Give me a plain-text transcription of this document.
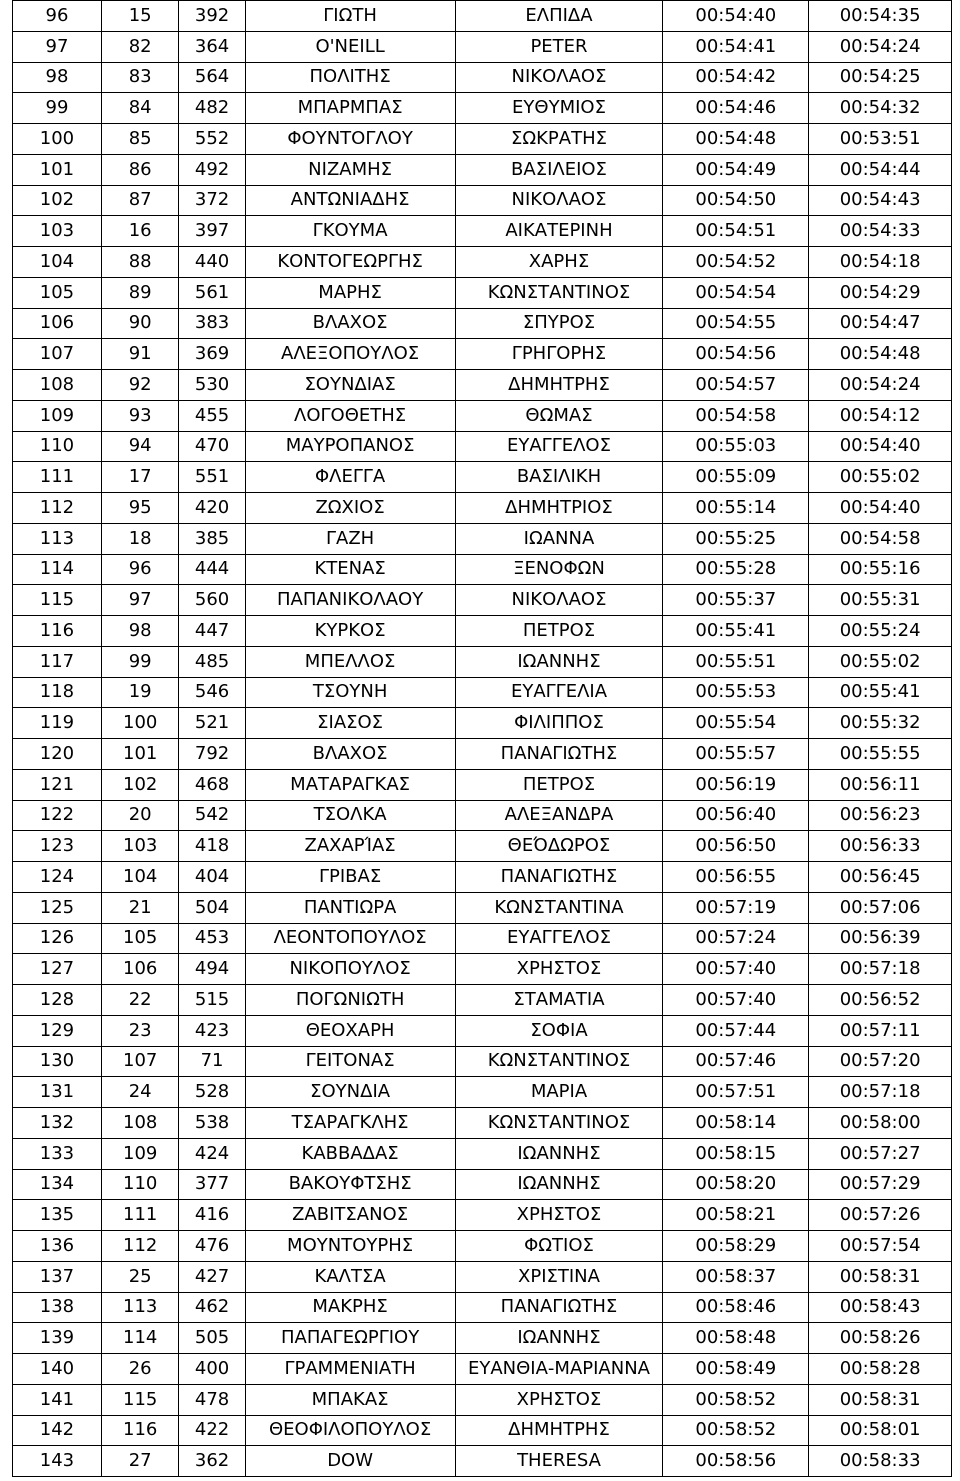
96	15	392	ΓΙΩΤΗ	ΕΛΠΙΔΑ	00:54:40	00:54:35
97	82	364	O'NEILL	PETER	00:54:41	00:54:24
98	83	564	ΠΟΛΙΤΗΣ	ΝΙΚΟΛΑΟΣ	00:54:42	00:54:25
99	84	482	ΜΠΑΡΜΠΑΣ	ΕΥΘΥΜΙΟΣ	00:54:46	00:54:32
100	85	552	ΦΟΥΝΤΟΓΛΟΥ	ΣΩΚΡΑΤΗΣ	00:54:48	00:53:51
101	86	492	ΝΙΖΑΜΗΣ	ΒΑΣΙΛΕΙΟΣ	00:54:49	00:54:44
102	87	372	ΑΝΤΩΝΙΑΔΗΣ	ΝΙΚΟΛΑΟΣ	00:54:50	00:54:43
103	16	397	ΓΚΟΥΜΑ	ΑΙΚΑΤΕΡΙΝΗ	00:54:51	00:54:33
104	88	440	ΚΟΝΤΟΓΕΩΡΓΗΣ	ΧΑΡΗΣ	00:54:52	00:54:18
105	89	561	ΜΑΡΗΣ	ΚΩΝΣΤΑΝΤΙΝΟΣ	00:54:54	00:54:29
106	90	383	ΒΛΑΧΟΣ	ΣΠΥΡΟΣ	00:54:55	00:54:47
107	91	369	ΑΛΕΞΟΠΟΥΛΟΣ	ΓΡΗΓΟΡΗΣ	00:54:56	00:54:48
108	92	530	ΣΟΥΝΔΙΑΣ	ΔΗΜΗΤΡΗΣ	00:54:57	00:54:24
109	93	455	ΛΟΓΟΘΕΤΗΣ	ΘΩΜΑΣ	00:54:58	00:54:12
110	94	470	ΜΑΥΡΟΠΑΝΟΣ	ΕΥΑΓΓΕΛΟΣ	00:55:03	00:54:40
111	17	551	ΦΛΕΓΓΑ	ΒΑΣΙΛΙΚΗ	00:55:09	00:55:02
112	95	420	ΖΩΧΙΟΣ	ΔΗΜΗΤΡΙΟΣ	00:55:14	00:54:40
113	18	385	ΓΑΖΗ	ΙΩΑΝΝΑ	00:55:25	00:54:58
114	96	444	ΚΤΕΝΑΣ	ΞΕΝΟΦΩΝ	00:55:28	00:55:16
115	97	560	ΠΑΠΑΝΙΚΟΛΑΟΥ	ΝΙΚΟΛΑΟΣ	00:55:37	00:55:31
116	98	447	ΚΥΡΚΟΣ	ΠΕΤΡΟΣ	00:55:41	00:55:24
117	99	485	ΜΠΕΛΛΟΣ	ΙΩΑΝΝΗΣ	00:55:51	00:55:02
118	19	546	ΤΣΟΥΝΗ	ΕΥΑΓΓΕΛΙΑ	00:55:53	00:55:41
119	100	521	ΣΙΑΣΟΣ	ΦΙΛΙΠΠΟΣ	00:55:54	00:55:32
120	101	792	ΒΛΑΧΟΣ	ΠΑΝΑΓΙΩΤΗΣ	00:55:57	00:55:55
121	102	468	ΜΑΤΑΡΑΓΚΑΣ	ΠΕΤΡΟΣ	00:56:19	00:56:11
122	20	542	ΤΣΟΛΚΑ	ΑΛΕΞΑΝΔΡΑ	00:56:40	00:56:23
123	103	418	ΖΑΧΑΡΊΑΣ	ΘΕΌΔΩΡΟΣ	00:56:50	00:56:33
124	104	404	ΓΡΙΒΑΣ	ΠΑΝΑΓΙΩΤΗΣ	00:56:55	00:56:45
125	21	504	ΠΑΝΤΙΩΡΑ	ΚΩΝΣΤΑΝΤΙΝΑ	00:57:19	00:57:06
126	105	453	ΛΕΟΝΤΟΠΟΥΛΟΣ	ΕΥΑΓΓΕΛΟΣ	00:57:24	00:56:39
127	106	494	ΝΙΚΟΠΟΥΛΟΣ	ΧΡΗΣΤΟΣ	00:57:40	00:57:18
128	22	515	ΠΟΓΩΝΙΩΤΗ	ΣΤΑΜΑΤΙΑ	00:57:40	00:56:52
129	23	423	ΘΕΟΧΑΡΗ	ΣΟΦΙΑ	00:57:44	00:57:11
130	107	71	ΓΕΙΤΟΝΑΣ	ΚΩΝΣΤΑΝΤΙΝΟΣ	00:57:46	00:57:20
131	24	528	ΣΟΥΝΔΙΑ	ΜΑΡΙΑ	00:57:51	00:57:18
132	108	538	ΤΣΑΡΑΓΚΛΗΣ	ΚΩΝΣΤΑΝΤΙΝΟΣ	00:58:14	00:58:00
133	109	424	ΚΑΒΒΑΔΑΣ	ΙΩΑΝΝΗΣ	00:58:15	00:57:27
134	110	377	ΒΑΚΟΥΦΤΣΗΣ	ΙΩΑΝΝΗΣ	00:58:20	00:57:29
135	111	416	ΖΑΒΙΤΣΑΝΟΣ	ΧΡΗΣΤΟΣ	00:58:21	00:57:26
136	112	476	ΜΟΥΝΤΟΥΡΗΣ	ΦΩΤΙΟΣ	00:58:29	00:57:54
137	25	427	ΚΑΛΤΣΑ	ΧΡΙΣΤΙΝΑ	00:58:37	00:58:31
138	113	462	ΜΑΚΡΗΣ	ΠΑΝΑΓΙΩΤΗΣ	00:58:46	00:58:43
139	114	505	ΠΑΠΑΓΕΩΡΓΙΟΥ	ΙΩΑΝΝΗΣ	00:58:48	00:58:26
140	26	400	ΓΡΑΜΜΕΝΙΑΤΗ	ΕΥΑΝΘΙΑ-ΜΑΡΙΑΝΝΑ	00:58:49	00:58:28
141	115	478	ΜΠΑΚΑΣ	ΧΡΗΣΤΟΣ	00:58:52	00:58:31
142	116	422	ΘΕΟΦΙΛΟΠΟΥΛΟΣ	ΔΗΜΗΤΡΗΣ	00:58:52	00:58:01
143	27	362	DOW	THERESA	00:58:56	00:58:33
